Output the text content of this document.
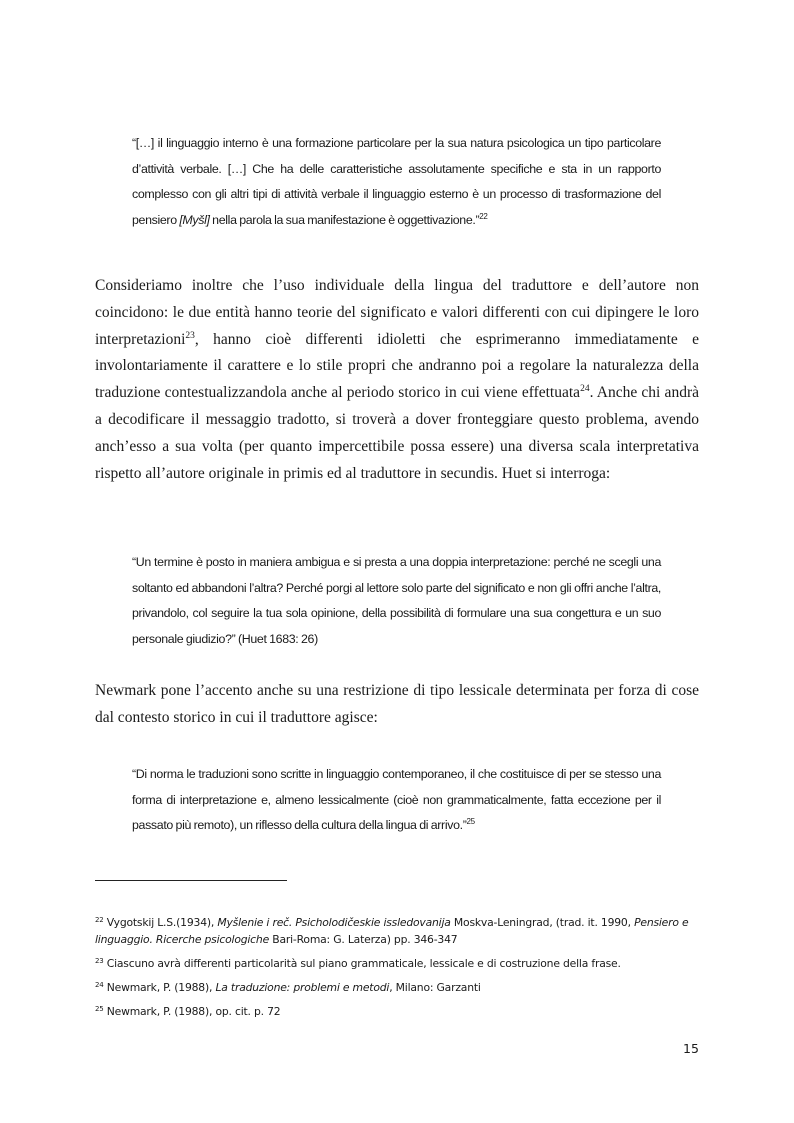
“[…] il linguaggio interno è una formazione particolare per la sua natura psicologica un tipo particolare d’attività verbale. […] Che ha delle caratteristiche assolutamente specifiche e sta in un rapporto complesso con gli altri tipi di attività verbale il linguaggio esterno è un processo di trasformazione del pensiero [Myšl] nella parola la sua manifestazione è oggettivazione.”$^{22}$
Consideriamo inoltre che l’uso individuale della lingua del traduttore e dell’autore non coincidono: le due entità hanno teorie del significato e valori differenti con cui dipingere le loro interpretazioni$^{23}$, hanno cioè differenti idioletti che esprimeranno immediatamente e involontariamente il carattere e lo stile propri che andranno poi a regolare la naturalezza della traduzione contestualizzandola anche al periodo storico in cui viene effettuata$^{24}$. Anche chi andrà a decodificare il messaggio tradotto, si troverà a dover fronteggiare questo problema, avendo anch’esso a sua volta (per quanto impercettibile possa essere) una diversa scala interpretativa rispetto all’autore originale in primis ed al traduttore in secundis. Huet si interroga:
“Un termine è posto in maniera ambigua e si presta a una doppia interpretazione: perché ne scegli una soltanto ed abbandoni l’altra? Perché porgi al lettore solo parte del significato e non gli offri anche l’altra, privandolo, col seguire la tua sola opinione, della possibilità di formulare una sua congettura e un suo personale giudizio?” (Huet 1683: 26)
Newmark pone l’accento anche su una restrizione di tipo lessicale determinata per forza di cose dal contesto storico in cui il traduttore agisce:
“Di norma le traduzioni sono scritte in linguaggio contemporaneo, il che costituisce di per se stesso una forma di interpretazione e, almeno lessicalmente (cioè non grammaticalmente, fatta eccezione per il passato più remoto), un riflesso della cultura della lingua di arrivo.”$^{25}$
$^{22}$ Vygotskij L.S.(1934), Myšlenie i reč. Psicholodičeskie issledovanija Moskva-Leningrad, (trad. it. 1990, Pensiero e linguaggio. Ricerche psicologiche Bari-Roma: G. Laterza) pp. 346-347
$^{23}$ Ciascuno avrà differenti particolarità sul piano grammaticale, lessicale e di costruzione della frase.
$^{24}$ Newmark, P. (1988), La traduzione: problemi e metodi, Milano: Garzanti
$^{25}$ Newmark, P. (1988), op. cit. p. 72
15
